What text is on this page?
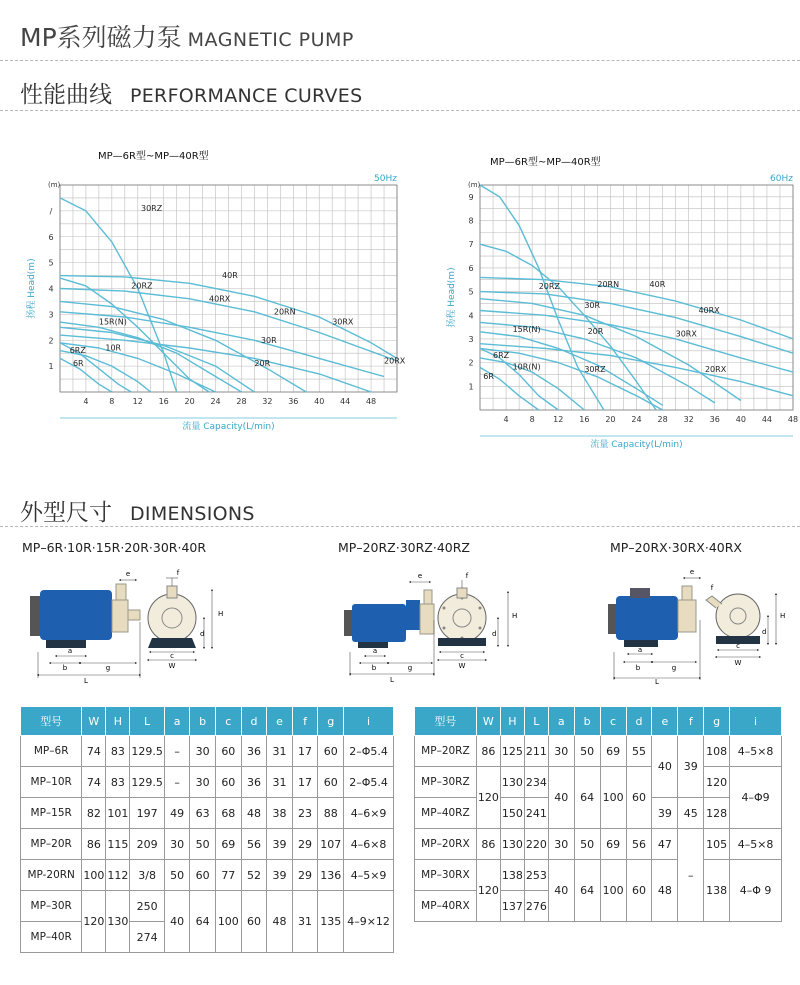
MP系列磁力泵 MAGNETIC PUMP
性能曲线 PERFORMANCE CURVES
30RZ
40R
20RZ
40RX
20RN
30RX
15R(N)
30R
10R
6RZ
20R	20RX
6R
4	8 12 16 20 24 28 32 36 40 44 48
1
2
3
4
5
6
/
(m)
流量 Capacity(L/min)
扬程 Head(m)
MP—6R型~MP—40R型
50Hz
40R
20RN
20RZ
40RX
30R
30RX
15R(N)	20R
6RZ
10R(N)	30RZ	20RX
6R
4	8 12 16 20 24 28 32 36 40 44 48
1
2
3
4
5
6
7
8
9
(m)
流量 Capacity(L/min)
扬程 Head(m)
MP—6R型~MP—40R型
60Hz
外型尺寸 DIMENSIONS
MP–6R·10R·15R·20R·30R·40R	MP–20RZ·30RZ·40RZ	MP–20RX·30RX·40RX
a
b	g
L
e	f
c
W
H
d
a
b	g
L
e	f
c
W
H
d
a
b	g
L
e
f
c
W
H
d
型号	W	H	L	a	b	c	d	e	f	g	i
MP–6R	74	83	129.5	–	30	60	36	31	17	60	2–Φ5.4
MP–10R	74	83	129.5	–	30	60	36	31	17	60	2–Φ5.4
MP–15R	82	101	197	49	63	68	48	38	23	88	4–6×9
MP–20R	86	115	209	30	50	69	56	39	29	107	4–6×8
MP-20RN	100	112	3/8	50	60	77	52	39	29	136	4–5×9
MP–30R	120	130	250	40	64	100	60	48	31	135	4–9×12
MP–40R			274								
型号	W	H	L	a	b	c	d	e	f	g	i
MP–20RZ	86	125	211	30	50	69	55	40	39	108	4–5×8
MP–30RZ	120	130	234	40	64	100	60			120	4–Φ9
MP–40RZ		150	241					39	45	128	
MP–20RX	86	130	220	30	50	69	56	47	–	105	4–5×8
MP–30RX	120	138	253	40	64	100	60	48		138	4–Φ 9
MP–40RX		137	276								
